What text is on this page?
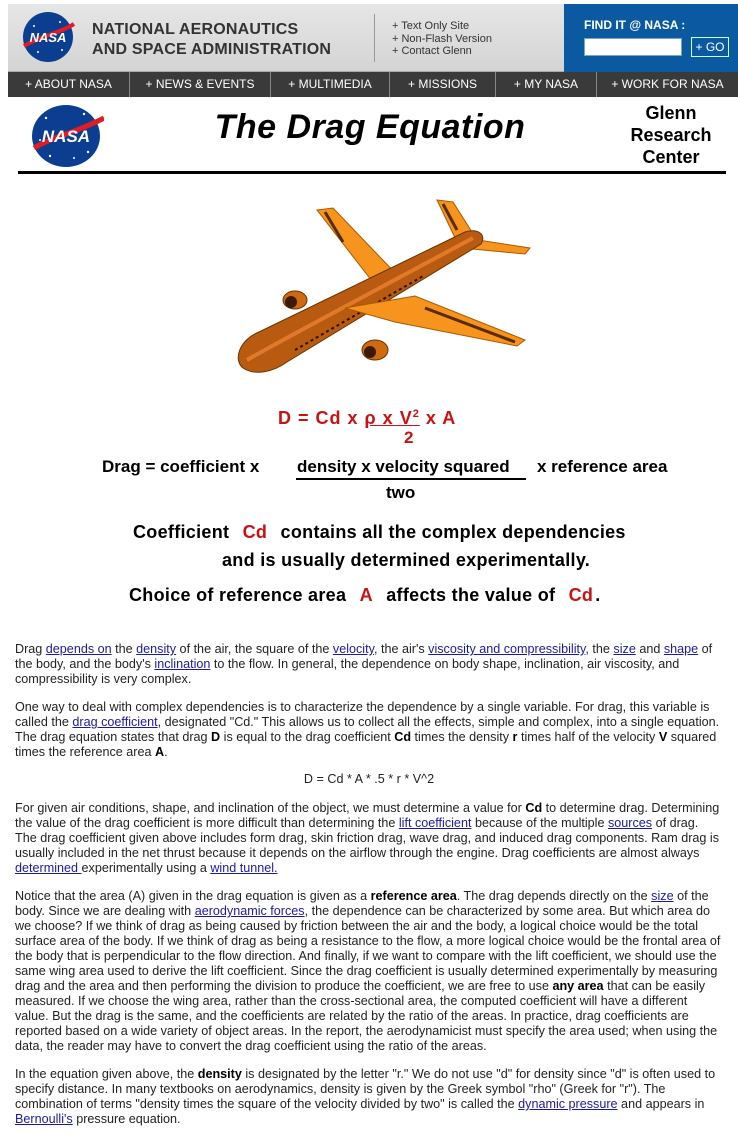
NASA NATIONAL AERONAUTICS
AND SPACE ADMINISTRATION
+ Text Only Site
+ Non-Flash Version
+ Contact Glenn
FIND IT @ NASA :
+ GO
+ ABOUT NASA	+ NEWS & EVENTS	+ MULTIMEDIA	+ MISSIONS	+ MY NASA	+ WORK FOR NASA
NASA	The Drag Equation	Glenn
Research
Center
D = Cd x ρ x $V^2$ x A
2
Drag = coefficient x density x velocity squared x reference area
two
Coefficient Cd contains all the complex dependencies
and is usually determined experimentally.
Choice of reference area A affects the value of Cd .
Drag depends on the density of the air, the square of the velocity, the air's viscosity and compressibility, the size and shape of the body, and the body's inclination to the flow. In general, the dependence on body shape, inclination, air viscosity, and compressibility is very complex.
One way to deal with complex dependencies is to characterize the dependence by a single variable. For drag, this variable is called the drag coefficient, designated "Cd." This allows us to collect all the effects, simple and complex, into a single equation. The drag equation states that drag D is equal to the drag coefficient Cd times the density r times half of the velocity V squared times the reference area A.
D = Cd * A * .5 * r * V^2
For given air conditions, shape, and inclination of the object, we must determine a value for Cd to determine drag. Determining the value of the drag coefficient is more difficult than determining the lift coefficient because of the multiple sources of drag. The drag coefficient given above includes form drag, skin friction drag, wave drag, and induced drag components. Ram drag is usually included in the net thrust because it depends on the airflow through the engine. Drag coefficients are almost always determined experimentally using a wind tunnel.
Notice that the area (A) given in the drag equation is given as a reference area. The drag depends directly on the size of the body. Since we are dealing with aerodynamic forces, the dependence can be characterized by some area. But which area do we choose? If we think of drag as being caused by friction between the air and the body, a logical choice would be the total surface area of the body. If we think of drag as being a resistance to the flow, a more logical choice would be the frontal area of the body that is perpendicular to the flow direction. And finally, if we want to compare with the lift coefficient, we should use the same wing area used to derive the lift coefficient. Since the drag coefficient is usually determined experimentally by measuring drag and the area and then performing the division to produce the coefficient, we are free to use any area that can be easily measured. If we choose the wing area, rather than the cross-sectional area, the computed coefficient will have a different value. But the drag is the same, and the coefficients are related by the ratio of the areas. In practice, drag coefficients are reported based on a wide variety of object areas. In the report, the aerodynamicist must specify the area used; when using the data, the reader may have to convert the drag coefficient using the ratio of the areas.
In the equation given above, the density is designated by the letter "r." We do not use "d" for density since "d" is often used to specify distance. In many textbooks on aerodynamics, density is given by the Greek symbol "rho" (Greek for "r"). The combination of terms "density times the square of the velocity divided by two" is called the dynamic pressure and appears in Bernoulli's pressure equation.
